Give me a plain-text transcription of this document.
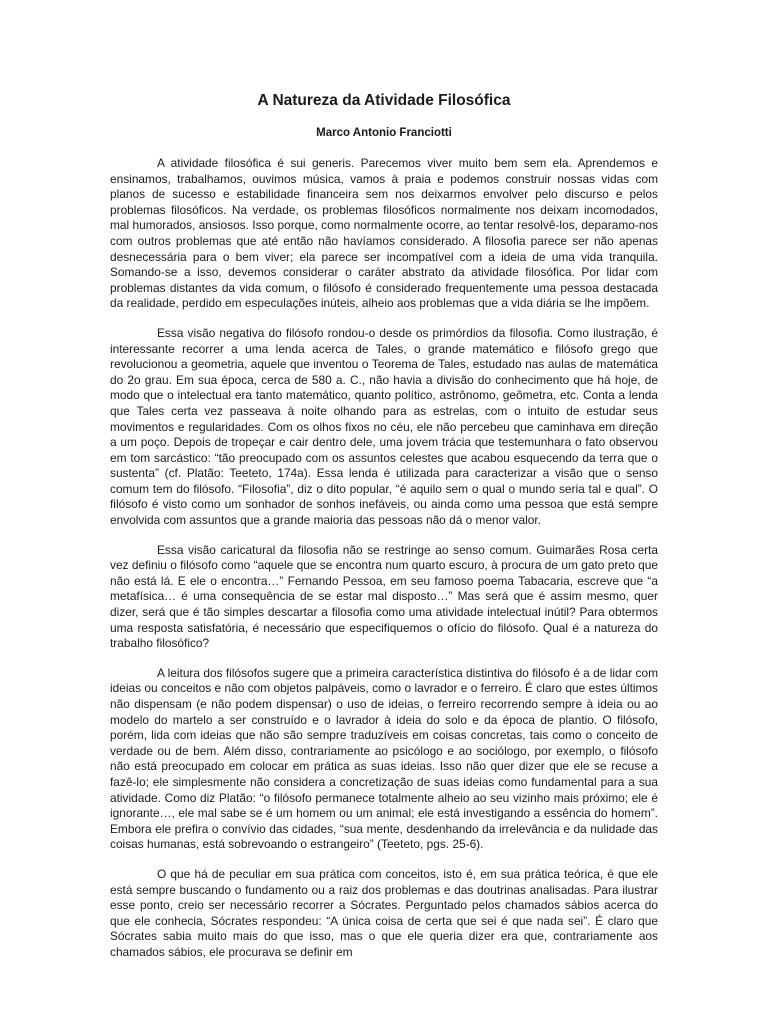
A Natureza da Atividade Filosófica
Marco Antonio Franciotti

A atividade filosófica é sui generis. Parecemos viver muito bem sem ela. Aprendemos e ensinamos, trabalhamos, ouvimos música, vamos à praia e podemos construir nossas vidas com planos de sucesso e estabilidade financeira sem nos deixarmos envolver pelo discurso e pelos problemas filosóficos. Na verdade, os problemas filosóficos normalmente nos deixam incomodados, mal humorados, ansiosos. Isso porque, como normalmente ocorre, ao tentar resolvê-los, deparamo-nos com outros problemas que até então não havíamos considerado. A filosofia parece ser não apenas desnecessária para o bem viver; ela parece ser incompatível com a ideia de uma vida tranquila. Somando-se a isso, devemos considerar o caráter abstrato da atividade filosófica. Por lidar com problemas distantes da vida comum, o filósofo é considerado frequentemente uma pessoa destacada da realidade, perdido em especulações inúteis, alheio aos problemas que a vida diária se lhe impõem.

Essa visão negativa do filósofo rondou-o desde os primórdios da filosofia. Como ilustração, é interessante recorrer a uma lenda acerca de Tales, o grande matemático e filósofo grego que revolucionou a geometria, aquele que inventou o Teorema de Tales, estudado nas aulas de matemática do 2o grau. Em sua época, cerca de 580 a. C., não havia a divisão do conhecimento que há hoje, de modo que o intelectual era tanto matemático, quanto político, astrônomo, geômetra, etc. Conta a lenda que Tales certa vez passeava à noite olhando para as estrelas, com o intuito de estudar seus movimentos e regularidades. Com os olhos fixos no céu, ele não percebeu que caminhava em direção a um poço. Depois de tropeçar e cair dentro dele, uma jovem trácia que testemunhara o fato observou em tom sarcástico: “tão preocupado com os assuntos celestes que acabou esquecendo da terra que o sustenta” (cf. Platão: Teeteto, 174a). Essa lenda é utilizada para caracterizar a visão que o senso comum tem do filósofo. “Filosofia”, diz o dito popular, “é aquilo sem o qual o mundo seria tal e qual”. O filósofo é visto como um sonhador de sonhos inefáveis, ou ainda como uma pessoa que está sempre envolvida com assuntos que a grande maioria das pessoas não dá o menor valor.

Essa visão caricatural da filosofia não se restringe ao senso comum. Guimarães Rosa certa vez definiu o filósofo como “aquele que se encontra num quarto escuro, à procura de um gato preto que não está lá. E ele o encontra…” Fernando Pessoa, em seu famoso poema Tabacaria, escreve que “a metafísica… é uma consequência de se estar mal disposto…” Mas será que é assim mesmo, quer dizer, será que é tão simples descartar a filosofia como uma atividade intelectual inútil? Para obtermos uma resposta satisfatória, é necessário que especifiquemos o ofício do filósofo. Qual é a natureza do trabalho filosófico?

A leitura dos filósofos sugere que a primeira característica distintiva do filósofo é a de lidar com ideias ou conceitos e não com objetos palpáveis, como o lavrador e o ferreiro. É claro que estes últimos não dispensam (e não podem dispensar) o uso de ideias, o ferreiro recorrendo sempre à ideia ou ao modelo do martelo a ser construído e o lavrador à ideia do solo e da época de plantio. O filósofo, porém, lida com ideias que não são sempre traduzíveis em coisas concretas, tais como o conceito de verdade ou de bem. Além disso, contrariamente ao psicólogo e ao sociólogo, por exemplo, o filósofo não está preocupado em colocar em prática as suas ideias. Isso não quer dizer que ele se recuse a fazê-lo; ele simplesmente não considera a concretização de suas ideias como fundamental para a sua atividade. Como diz Platão: “o filósofo permanece totalmente alheio ao seu vizinho mais próximo; ele é ignorante…, ele mal sabe se é um homem ou um animal; ele está investigando a essência do homem”. Embora ele prefira o convívio das cidades, “sua mente, desdenhando da irrelevância e da nulidade das coisas humanas, está sobrevoando o estrangeiro” (Teeteto, pgs. 25-6).

O que há de peculiar em sua prática com conceitos, isto é, em sua prática teórica, é que ele está sempre buscando o fundamento ou a raiz dos problemas e das doutrinas analisadas. Para ilustrar esse ponto, creio ser necessário recorrer a Sócrates. Perguntado pelos chamados sábios acerca do que ele conhecia, Sócrates respondeu: “A única coisa de certa que sei é que nada sei”. É claro que Sócrates sabia muito mais do que isso, mas o que ele queria dizer era que, contrariamente aos chamados sábios, ele procurava se definir em
